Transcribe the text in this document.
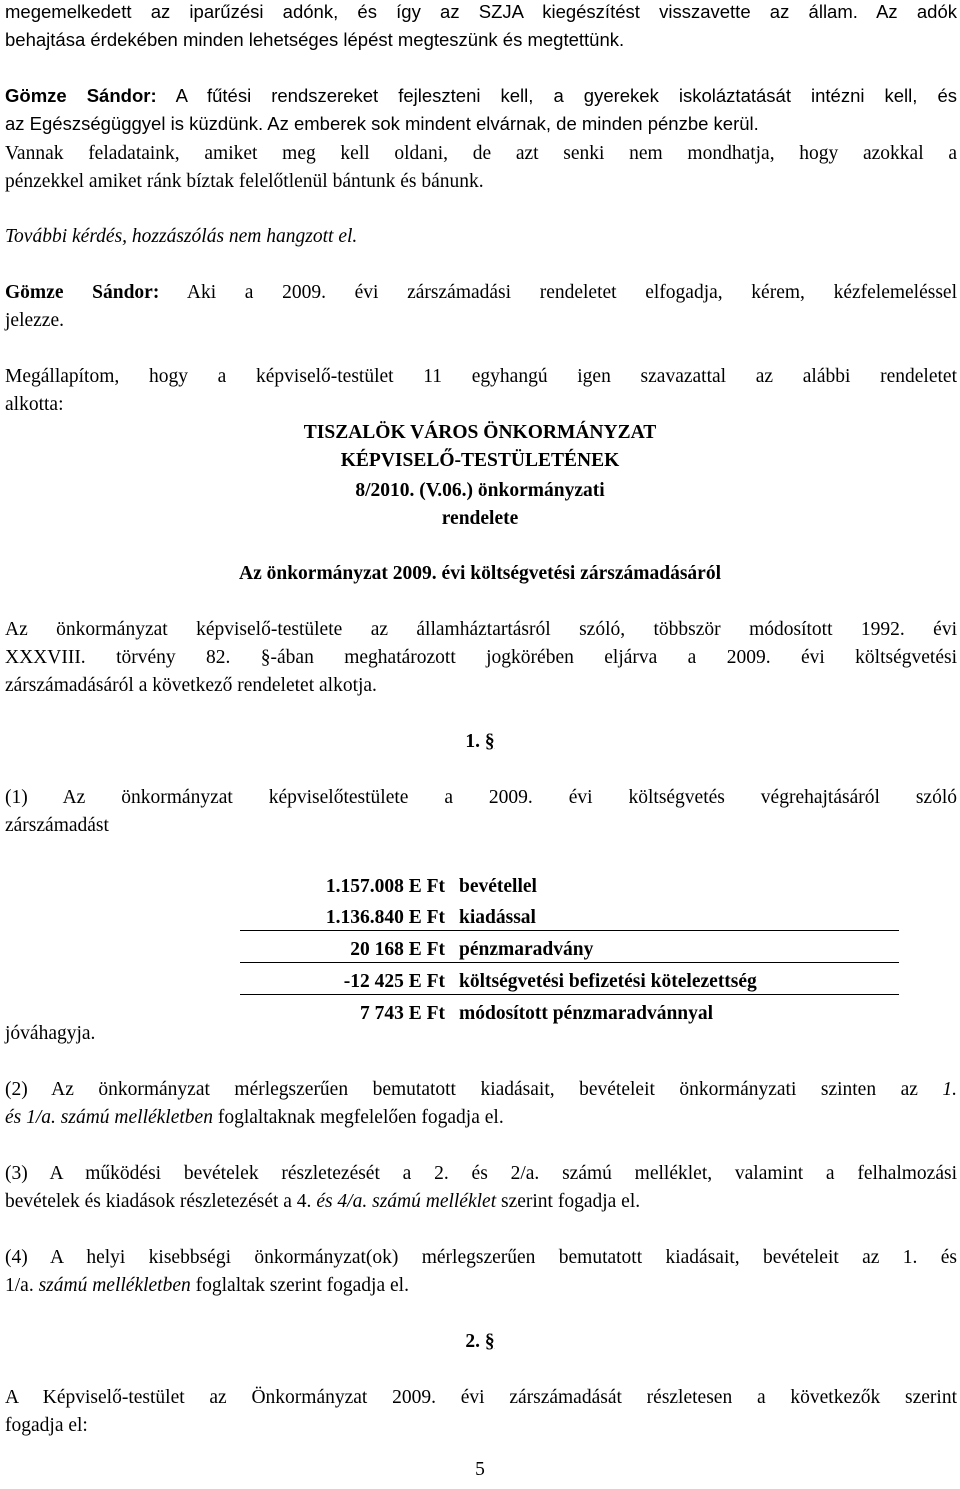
megemelkedett az iparűzési adónk, és így az SZJA kiegészítést visszavette az állam. Az adók
behajtása érdekében minden lehetséges lépést megteszünk és megtettünk.
Gömze Sándor: A fűtési rendszereket fejleszteni kell, a gyerekek iskoláztatását intézni kell, és
az Egészségüggyel is küzdünk. Az emberek sok mindent elvárnak, de minden pénzbe kerül.
Vannak feladataink, amiket meg kell oldani, de azt senki nem mondhatja, hogy azokkal a
pénzekkel amiket ránk bíztak felelőtlenül bántunk és bánunk.
További kérdés, hozzászólás nem hangzott el.
Gömze Sándor: Aki a 2009. évi zárszámadási rendeletet elfogadja, kérem, kézfelemeléssel
jelezze.
Megállapítom, hogy a képviselő-testület 11 egyhangú igen szavazattal az alábbi rendeletet
alkotta:
TISZALÖK VÁROS ÖNKORMÁNYZAT
KÉPVISELŐ-TESTÜLETÉNEK
8/2010. (V.06.) önkormányzati
rendelete
Az önkormányzat 2009. évi költségvetési zárszámadásáról
Az önkormányzat képviselő-testülete az államháztartásról szóló, többször módosított 1992. évi
XXXVIII. törvény 82. §-ában meghatározott jogkörében eljárva a 2009. évi költségvetési
zárszámadásáról a következő rendeletet alkotja.
1. §
(1) Az önkormányzat képviselőtestülete a 2009. évi költségvetés végrehajtásáról szóló
zárszámadást
1.157.008 E Ft	bevétellel
1.136.840 E Ft	kiadással
20 168 E Ft	pénzmaradvány
-12 425 E Ft	költségvetési befizetési kötelezettség
7 743 E Ft	módosított pénzmaradvánnyal
jóváhagyja.
(2) Az önkormányzat mérlegszerűen bemutatott kiadásait, bevételeit önkormányzati szinten az 1.
és 1/a. számú mellékletben foglaltaknak megfelelően fogadja el.
(3) A működési bevételek részletezését a 2. és 2/a. számú melléklet, valamint a felhalmozási
bevételek és kiadások részletezését a 4. és 4/a. számú melléklet szerint fogadja el.
(4) A helyi kisebbségi önkormányzat(ok) mérlegszerűen bemutatott kiadásait, bevételeit az 1. és
1/a. számú mellékletben foglaltak szerint fogadja el.
2. §
A Képviselő-testület az Önkormányzat 2009. évi zárszámadását részletesen a következők szerint
fogadja el:
5
